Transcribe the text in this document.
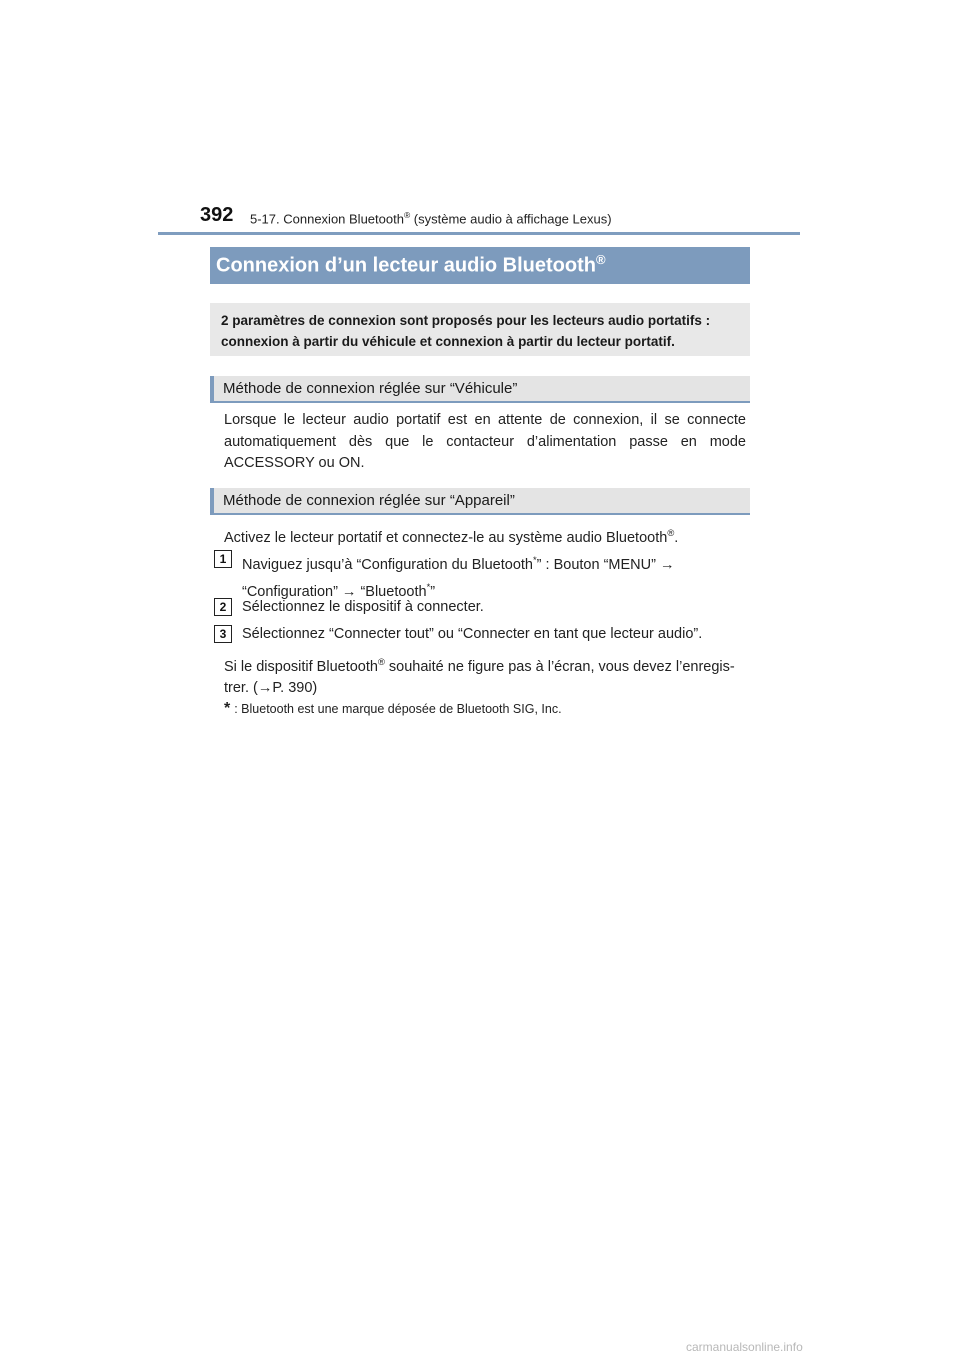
392 5-17. Connexion Bluetooth® (système audio à affichage Lexus)
Connexion d’un lecteur audio Bluetooth®
2 paramètres de connexion sont proposés pour les lecteurs audio portatifs : connexion à partir du véhicule et connexion à partir du lecteur portatif.
Méthode de connexion réglée sur “Véhicule”
Lorsque le lecteur audio portatif est en attente de connexion, il se connecte automatiquement dès que le contacteur d’alimentation passe en mode ACCESSORY ou ON.
Méthode de connexion réglée sur “Appareil”
Activez le lecteur portatif et connectez-le au système audio Bluetooth®.
1	Naviguez jusqu’à “Configuration du Bluetooth*” : Bouton “MENU” →
“Configuration” → “Bluetooth*”
2	Sélectionnez le dispositif à connecter.
3	Sélectionnez “Connecter tout” ou “Connecter en tant que lecteur audio”.
Si le dispositif Bluetooth® souhaité ne figure pas à l’écran, vous devez l’enregis-
trer. (→P. 390)
* : Bluetooth est une marque déposée de Bluetooth SIG, Inc.
carmanualsonline.info
